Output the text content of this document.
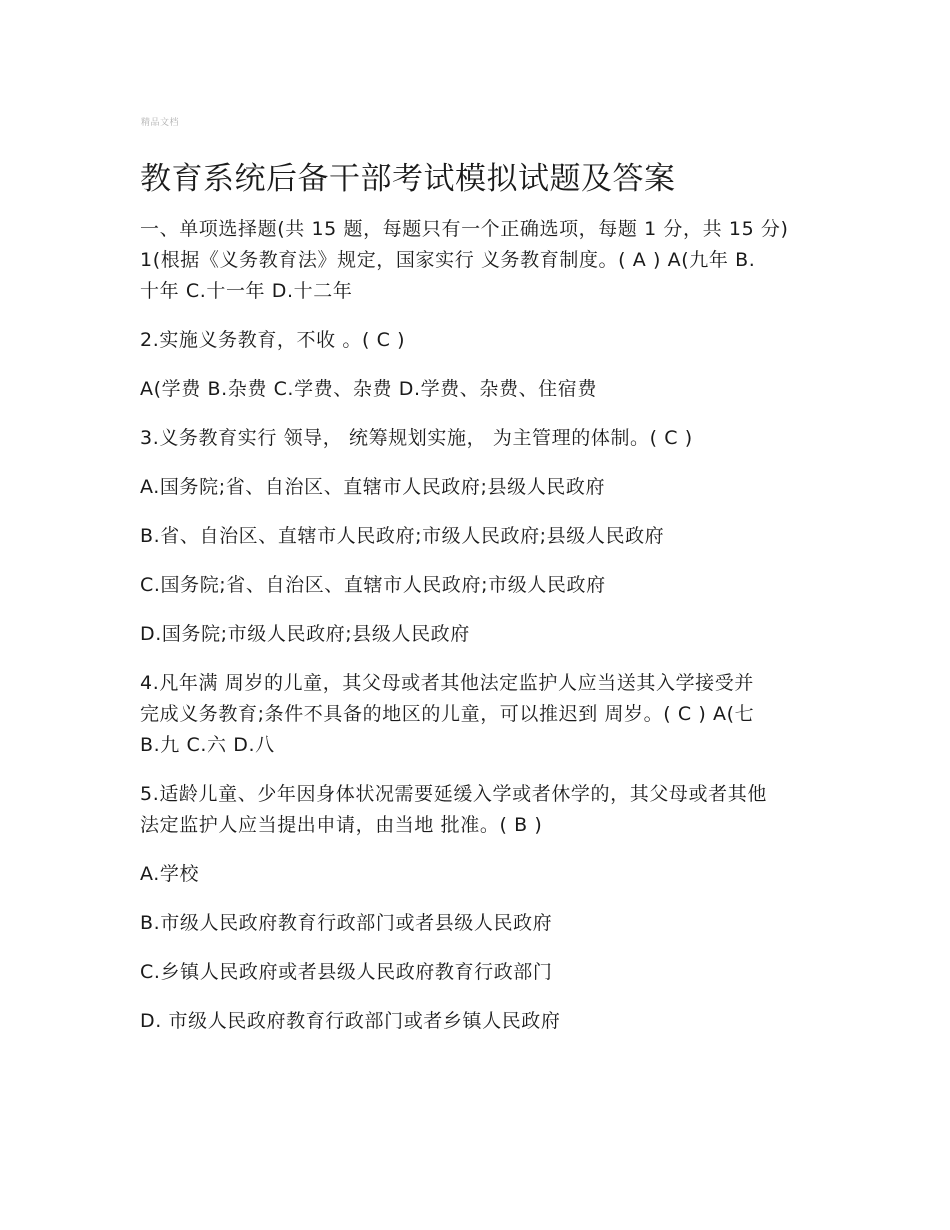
精品文档
教育系统后备干部考试模拟试题及答案

一、单项选择题(共 15 题，每题只有一个正确选项，每题 1 分，共 15 分)

1(根据《义务教育法》规定，国家实行 义务教育制度。( A ) A(九年 B.

十年 C.十一年 D.十二年

2.实施义务教育，不收 。( C )

A(学费 B.杂费 C.学费、杂费 D.学费、杂费、住宿费

3.义务教育实行 领导， 统筹规划实施， 为主管理的体制。( C )

A.国务院;省、自治区、直辖市人民政府;县级人民政府

B.省、自治区、直辖市人民政府;市级人民政府;县级人民政府

C.国务院;省、自治区、直辖市人民政府;市级人民政府

D.国务院;市级人民政府;县级人民政府

4.凡年满 周岁的儿童，其父母或者其他法定监护人应当送其入学接受并

完成义务教育;条件不具备的地区的儿童，可以推迟到 周岁。( C ) A(七

B.九 C.六 D.八

5.适龄儿童、少年因身体状况需要延缓入学或者休学的，其父母或者其他

法定监护人应当提出申请，由当地 批准。( B )

A.学校

B.市级人民政府教育行政部门或者县级人民政府

C.乡镇人民政府或者县级人民政府教育行政部门

D. 市级人民政府教育行政部门或者乡镇人民政府
